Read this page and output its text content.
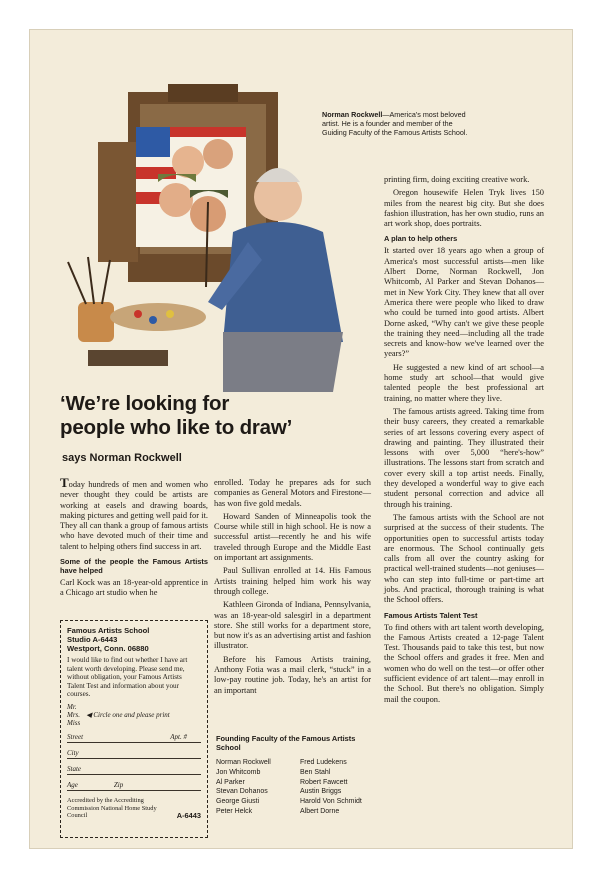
Norman Rockwell—America's most beloved artist. He is a founder and member of the Guiding Faculty of the Famous Artists School.
‘We’re looking for
people who like to draw’
says Norman Rockwell

Today hundreds of men and women who never thought they could be artists are working at easels and drawing boards, making pictures and getting well paid for it. They all can thank a group of famous artists who have devoted much of their time and talent to helping others find success in art.

Some of the people the Famous Artists have helped

Carl Kock was an 18-year-old apprentice in a Chicago art studio when he

Famous Artists School
Studio A-6443
Westport, Conn. 06880
I would like to find out whether I have art talent worth developing. Please send me, without obligation, your Famous Artists Talent Test and information about your courses.
Mr.
Mrs.
Miss
◀ Circle one and please print
Street	Apt. #
City
State
Age	Zip
Accredited by the Accrediting Commission National Home Study Council	A-6443

enrolled. Today he prepares ads for such companies as General Motors and Firestone—has won five gold medals.

Howard Sanden of Minneapolis took the Course while still in high school. He is now a successful artist—recently he and his wife traveled through Europe and the Middle East on important art assignments.

Paul Sullivan enrolled at 14. His Famous Artists training helped him work his way through college.

Kathleen Gironda of Indiana, Pennsylvania, was an 18-year-old salesgirl in a department store. She still works for a department store, but now it's as an advertising artist and fashion illustrator.

Before his Famous Artists training, Anthony Fotia was a mail clerk, “stuck” in a low-pay routine job. Today, he's an artist for an important

Founding Faculty of the Famous Artists School
Norman Rockwell	Fred Ludekens
Jon Whitcomb	Ben Stahl
Al Parker	Robert Fawcett
Stevan Dohanos	Austin Briggs
George Giusti	Harold Von Schmidt
Peter Helck	Albert Dorne

printing firm, doing exciting creative work.

Oregon housewife Helen Tryk lives 150 miles from the nearest big city. But she does fashion illustration, has her own studio, runs an art work shop, does portraits.

A plan to help others

It started over 18 years ago when a group of America's most successful artists—men like Albert Dorne, Norman Rockwell, Jon Whitcomb, Al Parker and Stevan Dohanos—met in New York City. They knew that all over America there were people who liked to draw who could be turned into good artists. Albert Dorne asked, “Why can't we give these people the training they need—including all the trade secrets and know-how we've learned over the years?”

He suggested a new kind of art school—a home study art school—that would give talented people the best professional art training, no matter where they live.

The famous artists agreed. Taking time from their busy careers, they created a remarkable series of art lessons covering every aspect of drawing and painting. They illustrated their lessons with over 5,000 “here's-how” illustrations. The lessons start from scratch and cover every skill a top artist needs. Finally, they developed a wonderful way to give each student personal correction and advice all through his training.

The famous artists with the School are not surprised at the success of their students. The opportunities open to successful artists today are enormous. The School continually gets calls from all over the country asking for practical well-trained students—not geniuses—who can step into full-time or part-time art jobs. And practical, thorough training is what the School offers.

Famous Artists Talent Test

To find others with art talent worth developing, the Famous Artists created a 12-page Talent Test. Thousands paid to take this test, but now the School offers and grades it free. Men and women who do well on the test—or offer other sufficient evidence of art talent—may enroll in the School. But there's no obligation. Simply mail the coupon.
